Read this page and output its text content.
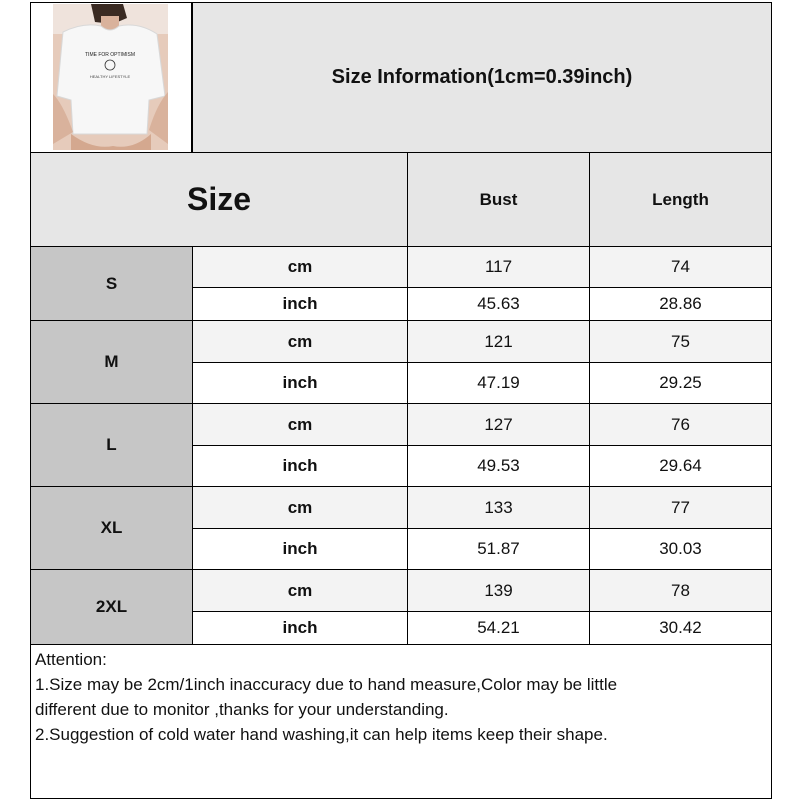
TIME FOR OPTIMISM
HEALTHY LIFESTYLE	Size Information(1cm=0.39inch)
Size	Bust	Length
S
cm	117	74
inch	45.63	28.86
M
cm	121	75
inch	47.19	29.25
L
cm	127	76
inch	49.53	29.64
XL
cm	133	77
inch	51.87	30.03
2XL
cm	139	78
inch	54.21	30.42
Attention:
1.Size may be 2cm/1inch inaccuracy due to hand measure,Color may be little
different due to monitor ,thanks for your understanding.
2.Suggestion of cold water hand washing,it can help items keep their shape.
